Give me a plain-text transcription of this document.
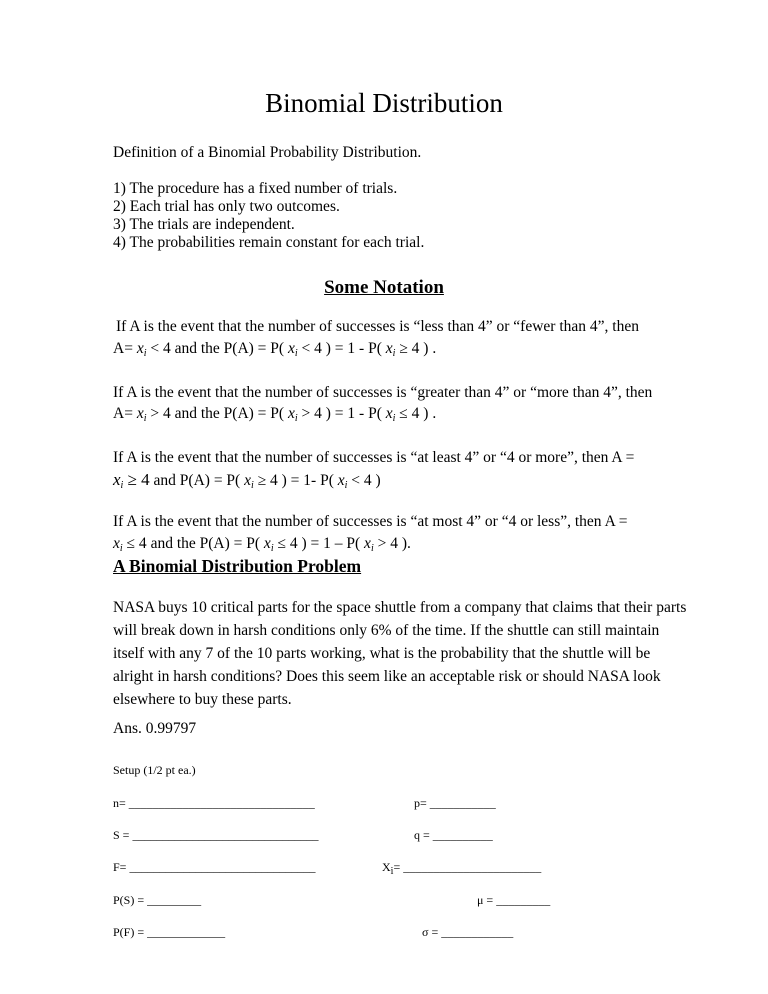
Binomial Distribution
Definition of a Binomial Probability Distribution.
1) The procedure has a fixed number of trials.
2) Each trial has only two outcomes.
3) The trials are independent.
4) The probabilities remain constant for each trial.
Some Notation
If A is the event that the number of successes is “less than 4” or “fewer than 4”, then
$A= x_i < 4$ and the P(A) = P( $x_i < 4$ ) = 1 - P( $x_i \ge 4$ ) .
If A is the event that the number of successes is “greater than 4” or “more than 4”, then
$A= x_i > 4$ and the P(A) = P( $x_i > 4$ ) = 1 - P( $x_i \le 4$ ) .
If A is the event that the number of successes is “at least 4” or “4 or more”, then A =
$x_i \ge 4$ and P(A) = P( $x_i \ge 4$ ) = 1- P( $x_i < 4$ )
If A is the event that the number of successes is “at most 4” or “4 or less”, then A =
$x_i \le 4$ and the P(A) = P( $x_i \le 4$ ) = 1 – P( $x_i > 4$ ).
A Binomial Distribution Problem
NASA buys 10 critical parts for the space shuttle from a company that claims that their parts will break down in harsh conditions only 6% of the time. If the shuttle can still maintain itself with any 7 of the 10 parts working, what is the probability that the shuttle will be alright in harsh conditions? Does this seem like an acceptable risk or should NASA look elsewhere to buy these parts.
Ans. 0.99797
Setup (1/2 pt ea.)
n= _______________________________	p= ___________
S = _______________________________	q = __________
F= _______________________________	$X_i=$ _______________________
P(S) = _________	μ = _________
P(F) = _____________	σ = ____________
